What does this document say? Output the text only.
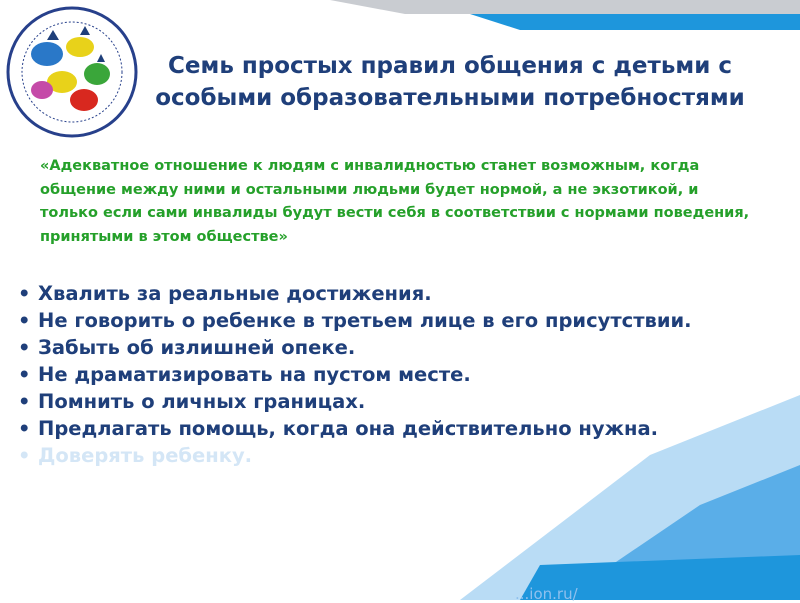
Семь простых правил общения с детьми с особыми образовательными потребностями
«Адекватное отношение к людям с инвалидностью станет возможным, когда общение между ними и остальными людьми будет нормой, а не экзотикой, и только если сами инвалиды будут вести себя в соответствии с нормами поведения, принятыми в этом обществе»
• Хвалить за реальные достижения.
• Не говорить о ребенке в третьем лице в его присутствии.
• Забыть об излишней опеке.
• Не драматизировать на пустом месте.
• Помнить о личных границах.
• Предлагать помощь, когда она действительно нужна.
• Доверять ребенку.
...ion.ru/
